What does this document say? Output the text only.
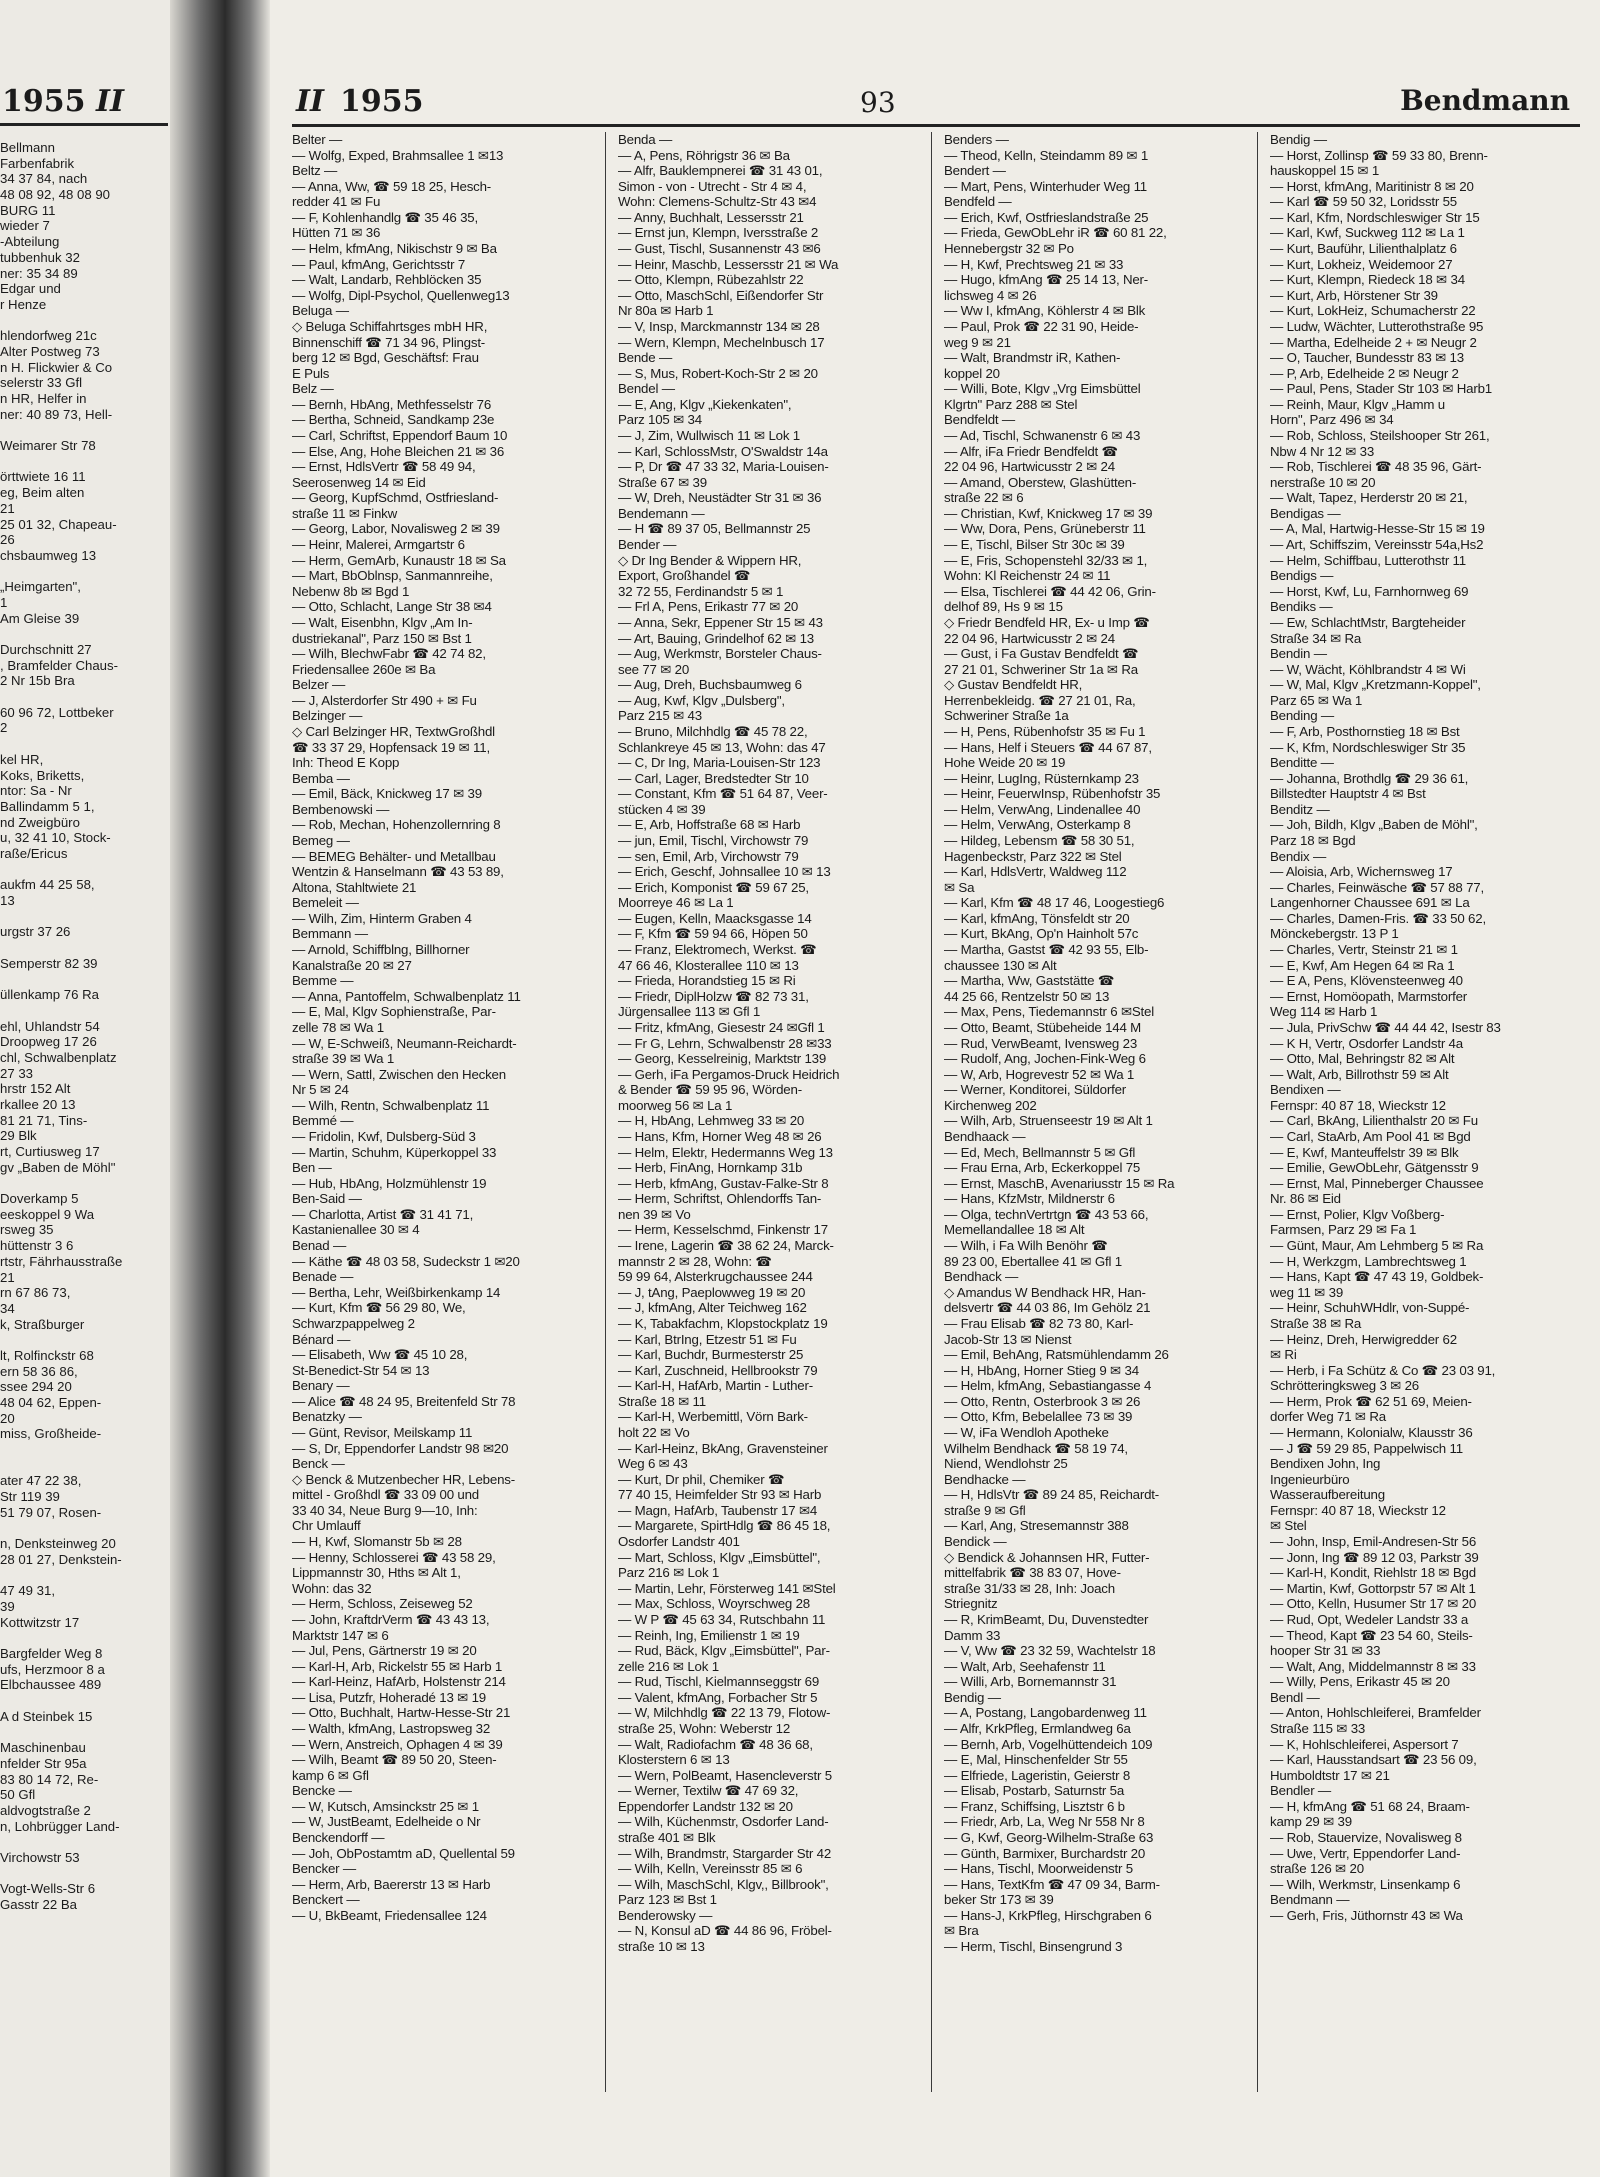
1955 II
Bellmann
Farbenfabrik
34 37 84, nach
48 08 92, 48 08 90
BURG 11
wieder 7
-Abteilung
tubbenhuk 32
ner: 35 34 89
Edgar und
r Henze
hlendorfweg 21c
Alter Postweg 73
n H. Flickwier & Co
selerstr 33 Gfl
n HR, Helfer in
ner: 40 89 73, Hell-
Weimarer Str 78
örttwiete 16 11
eg, Beim alten
21
25 01 32, Chapeau-
26
chsbaumweg 13
„Heimgarten",
1
Am Gleise 39
Durchschnitt 27
, Bramfelder Chaus-
2 Nr 15b Bra
60 96 72, Lottbeker
2
kel HR,
Koks, Briketts,
ntor: Sa - Nr
Ballindamm 5 1,
nd Zweigbüro
u, 32 41 10, Stock-
raße/Ericus
aukfm 44 25 58,
13
urgstr 37 26
Semperstr 82 39
üllenkamp 76 Ra
ehl, Uhlandstr 54
Droopweg 17 26
chl, Schwalbenplatz
27 33
hrstr 152 Alt
rkallee 20 13
81 21 71, Tins-
29 Blk
rt, Curtiusweg 17
gv „Baben de Möhl"
Doverkamp 5
eeskoppel 9 Wa
rsweg 35
hüttenstr 3 6
rtstr, Fährhausstraße
21
rn 67 86 73,
34
k, Straßburger
lt, Rolfinckstr 68
ern 58 36 86,
ssee 294 20
48 04 62, Eppen-
20
miss, Großheide-
ater 47 22 38,
Str 119 39
51 79 07, Rosen-
n, Denksteinweg 20
28 01 27, Denkstein-
47 49 31,
39
Kottwitzstr 17
Bargfelder Weg 8
ufs, Herzmoor 8 a
Elbchaussee 489
A d Steinbek 15
Maschinenbau
nfelder Str 95a
83 80 14 72, Re-
50 Gfl
aldvogtstraße 2
n, Lohbrügger Land-
Virchowstr 53
Vogt-Wells-Str 6
Gasstr 22 Ba
II 1955	93	Bendmann
Belter —
— Wolfg, Exped, Brahmsallee 1 ✉13
Beltz —
— Anna, Ww, ☎ 59 18 25, Hesch-
redder 41 ✉ Fu
— F, Kohlenhandlg ☎ 35 46 35,
Hütten 71 ✉ 36
— Helm, kfmAng, Nikischstr 9 ✉ Ba
— Paul, kfmAng, Gerichtsstr 7
— Walt, Landarb, Rehblöcken 35
— Wolfg, Dipl-Psychol, Quellenweg13
Beluga —
◇ Beluga Schiffahrtsges mbH HR,
Binnenschiff ☎ 71 34 96, Plingst-
berg 12 ✉ Bgd, Geschäftsf: Frau
E Puls
Belz —
— Bernh, HbAng, Methfesselstr 76
— Bertha, Schneid, Sandkamp 23e
— Carl, Schriftst, Eppendorf Baum 10
— Else, Ang, Hohe Bleichen 21 ✉ 36
— Ernst, HdlsVertr ☎ 58 49 94,
Seerosenweg 14 ✉ Eid
— Georg, KupfSchmd, Ostfriesland-
straße 11 ✉ Finkw
— Georg, Labor, Novalisweg 2 ✉ 39
— Heinr, Malerei, Armgartstr 6
— Herm, GemArb, Kunaustr 18 ✉ Sa
— Mart, BbOblnsp, Sanmannreihe,
Nebenw 8b ✉ Bgd 1
— Otto, Schlacht, Lange Str 38 ✉4
— Walt, Eisenbhn, Klgv „Am In-
dustriekanal", Parz 150 ✉ Bst 1
— Wilh, BlechwFabr ☎ 42 74 82,
Friedensallee 260e ✉ Ba
Belzer —
— J, Alsterdorfer Str 490 + ✉ Fu
Belzinger —
◇ Carl Belzinger HR, TextwGroßhdl
☎ 33 37 29, Hopfensack 19 ✉ 11,
Inh: Theod E Kopp
Bemba —
— Emil, Bäck, Knickweg 17 ✉ 39
Bembenowski —
— Rob, Mechan, Hohenzollernring 8
Bemeg —
— BEMEG Behälter- und Metallbau
Wentzin & Hanselmann ☎ 43 53 89,
Altona, Stahltwiete 21
Bemeleit —
— Wilh, Zim, Hinterm Graben 4
Bemmann —
— Arnold, Schiffblng, Billhorner
Kanalstraße 20 ✉ 27
Bemme —
— Anna, Pantoffelm, Schwalbenplatz 11
— E, Mal, Klgv Sophienstraße, Par-
zelle 78 ✉ Wa 1
— W, E-Schweiß, Neumann-Reichardt-
straße 39 ✉ Wa 1
— Wern, Sattl, Zwischen den Hecken
Nr 5 ✉ 24
— Wilh, Rentn, Schwalbenplatz 11
Bemmé —
— Fridolin, Kwf, Dulsberg-Süd 3
— Martin, Schuhm, Küperkoppel 33
Ben —
— Hub, HbAng, Holzmühlenstr 19
Ben-Said —
— Charlotta, Artist ☎ 31 41 71,
Kastanienallee 30 ✉ 4
Benad —
— Käthe ☎ 48 03 58, Sudeckstr 1 ✉20
Benade —
— Bertha, Lehr, Weißbirkenkamp 14
— Kurt, Kfm ☎ 56 29 80, We,
Schwarzpappelweg 2
Bénard —
— Elisabeth, Ww ☎ 45 10 28,
St-Benedict-Str 54 ✉ 13
Benary —
— Alice ☎ 48 24 95, Breitenfeld Str 78
Benatzky —
— Günt, Revisor, Meilskamp 11
— S, Dr, Eppendorfer Landstr 98 ✉20
Benck —
◇ Benck & Mutzenbecher HR, Lebens-
mittel - Großhdl ☎ 33 09 00 und
33 40 34, Neue Burg 9—10, Inh:
Chr Umlauff
— H, Kwf, Slomanstr 5b ✉ 28
— Henny, Schlosserei ☎ 43 58 29,
Lippmannstr 30, Hths ✉ Alt 1,
Wohn: das 32
— Herm, Schloss, Zeiseweg 52
— John, KraftdrVerm ☎ 43 43 13,
Marktstr 147 ✉ 6
— Jul, Pens, Gärtnerstr 19 ✉ 20
— Karl-H, Arb, Rickelstr 55 ✉ Harb 1
— Karl-Heinz, HafArb, Holstenstr 214
— Lisa, Putzfr, Hoheradé 13 ✉ 19
— Otto, Buchhalt, Hartw-Hesse-Str 21
— Walth, kfmAng, Lastropsweg 32
— Wern, Anstreich, Ophagen 4 ✉ 39
— Wilh, Beamt ☎ 89 50 20, Steen-
kamp 6 ✉ Gfl
Bencke —
— W, Kutsch, Amsinckstr 25 ✉ 1
— W, JustBeamt, Edelheide o Nr
Benckendorff —
— Joh, ObPostamtm aD, Quellental 59
Bencker —
— Herm, Arb, Baererstr 13 ✉ Harb
Benckert —
— U, BkBeamt, Friedensallee 124
Benda —
— A, Pens, Röhrigstr 36 ✉ Ba
— Alfr, Bauklempnerei ☎ 31 43 01,
Simon - von - Utrecht - Str 4 ✉ 4,
Wohn: Clemens-Schultz-Str 43 ✉4
— Anny, Buchhalt, Lessersstr 21
— Ernst jun, Klempn, Iversstraße 2
— Gust, Tischl, Susannenstr 43 ✉6
— Heinr, Maschb, Lessersstr 21 ✉ Wa
— Otto, Klempn, Rübezahlstr 22
— Otto, MaschSchl, Eißendorfer Str
Nr 80a ✉ Harb 1
— V, Insp, Marckmannstr 134 ✉ 28
— Wern, Klempn, Mechelnbusch 17
Bende —
— S, Mus, Robert-Koch-Str 2 ✉ 20
Bendel —
— E, Ang, Klgv „Kiekenkaten",
Parz 105 ✉ 34
— J, Zim, Wullwisch 11 ✉ Lok 1
— Karl, SchlossMstr, O'Swaldstr 14a
— P, Dr ☎ 47 33 32, Maria-Louisen-
Straße 67 ✉ 39
— W, Dreh, Neustädter Str 31 ✉ 36
Bendemann —
— H ☎ 89 37 05, Bellmannstr 25
Bender —
◇ Dr Ing Bender & Wippern HR,
Export, Großhandel ☎
32 72 55, Ferdinandstr 5 ✉ 1
— Frl A, Pens, Erikastr 77 ✉ 20
— Anna, Sekr, Eppener Str 15 ✉ 43
— Art, Bauing, Grindelhof 62 ✉ 13
— Aug, Werkmstr, Borsteler Chaus-
see 77 ✉ 20
— Aug, Dreh, Buchsbaumweg 6
— Aug, Kwf, Klgv „Dulsberg",
Parz 215 ✉ 43
— Bruno, Milchhdlg ☎ 45 78 22,
Schlankreye 45 ✉ 13, Wohn: das 47
— C, Dr Ing, Maria-Louisen-Str 123
— Carl, Lager, Bredstedter Str 10
— Constant, Kfm ☎ 51 64 87, Veer-
stücken 4 ✉ 39
— E, Arb, Hoffstraße 68 ✉ Harb
— jun, Emil, Tischl, Virchowstr 79
— sen, Emil, Arb, Virchowstr 79
— Erich, Geschf, Johnsallee 10 ✉ 13
— Erich, Komponist ☎ 59 67 25,
Moorreye 46 ✉ La 1
— Eugen, Kelln, Maacksgasse 14
— F, Kfm ☎ 59 94 66, Höpen 50
— Franz, Elektromech, Werkst. ☎
47 66 46, Klosterallee 110 ✉ 13
— Frieda, Horandstieg 15 ✉ Ri
— Friedr, DiplHolzw ☎ 82 73 31,
Jürgensallee 113 ✉ Gfl 1
— Fritz, kfmAng, Giesestr 24 ✉Gfl 1
— Fr G, Lehrn, Schwalbenstr 28 ✉33
— Georg, Kesselreinig, Marktstr 139
— Gerh, iFa Pergamos-Druck Heidrich
& Bender ☎ 59 95 96, Wörden-
moorweg 56 ✉ La 1
— H, HbAng, Lehmweg 33 ✉ 20
— Hans, Kfm, Horner Weg 48 ✉ 26
— Helm, Elektr, Hedermanns Weg 13
— Herb, FinAng, Hornkamp 31b
— Herb, kfmAng, Gustav-Falke-Str 8
— Herm, Schriftst, Ohlendorffs Tan-
nen 39 ✉ Vo
— Herm, Kesselschmd, Finkenstr 17
— Irene, Lagerin ☎ 38 62 24, Marck-
mannstr 2 ✉ 28, Wohn: ☎
59 99 64, Alsterkrugchaussee 244
— J, tAng, Paeplowweg 19 ✉ 20
— J, kfmAng, Alter Teichweg 162
— K, Tabakfachm, Klopstockplatz 19
— Karl, BtrIng, Etzestr 51 ✉ Fu
— Karl, Buchdr, Burmesterstr 25
— Karl, Zuschneid, Hellbrookstr 79
— Karl-H, HafArb, Martin - Luther-
Straße 18 ✉ 11
— Karl-H, Werbemittl, Vörn Bark-
holt 22 ✉ Vo
— Karl-Heinz, BkAng, Gravensteiner
Weg 6 ✉ 43
— Kurt, Dr phil, Chemiker ☎
77 40 15, Heimfelder Str 93 ✉ Harb
— Magn, HafArb, Taubenstr 17 ✉4
— Margarete, SpirtHdlg ☎ 86 45 18,
Osdorfer Landstr 401
— Mart, Schloss, Klgv „Eimsbüttel",
Parz 216 ✉ Lok 1
— Martin, Lehr, Försterweg 141 ✉Stel
— Max, Schloss, Woyrschweg 28
— W P ☎ 45 63 34, Rutschbahn 11
— Reinh, Ing, Emilienstr 1 ✉ 19
— Rud, Bäck, Klgv „Eimsbüttel", Par-
zelle 216 ✉ Lok 1
— Rud, Tischl, Kielmannseggstr 69
— Valent, kfmAng, Forbacher Str 5
— W, Milchhdlg ☎ 22 13 79, Flotow-
straße 25, Wohn: Weberstr 12
— Walt, Radiofachm ☎ 48 36 68,
Klosterstern 6 ✉ 13
— Wern, PolBeamt, Hasencleverstr 5
— Werner, Textilw ☎ 47 69 32,
Eppendorfer Landstr 132 ✉ 20
— Wilh, Küchenmstr, Osdorfer Land-
straße 401 ✉ Blk
— Wilh, Brandmstr, Stargarder Str 42
— Wilh, Kelln, Vereinsstr 85 ✉ 6
— Wilh, MaschSchl, Klgv,, Billbrook",
Parz 123 ✉ Bst 1
Benderowsky —
— N, Konsul aD ☎ 44 86 96, Fröbel-
straße 10 ✉ 13
Benders —
— Theod, Kelln, Steindamm 89 ✉ 1
Bendert —
— Mart, Pens, Winterhuder Weg 11
Bendfeld —
— Erich, Kwf, Ostfrieslandstraße 25
— Frieda, GewObLehr iR ☎ 60 81 22,
Hennebergstr 32 ✉ Po
— H, Kwf, Prechtsweg 21 ✉ 33
— Hugo, kfmAng ☎ 25 14 13, Ner-
lichsweg 4 ✉ 26
— Ww I, kfmAng, Köhlerstr 4 ✉ Blk
— Paul, Prok ☎ 22 31 90, Heide-
weg 9 ✉ 21
— Walt, Brandmstr iR, Kathen-
koppel 20
— Willi, Bote, Klgv „Vrg Eimsbüttel
Klgrtn" Parz 288 ✉ Stel
Bendfeldt —
— Ad, Tischl, Schwanenstr 6 ✉ 43
— Alfr, iFa Friedr Bendfeldt ☎
22 04 96, Hartwicusstr 2 ✉ 24
— Amand, Oberstew, Glashütten-
straße 22 ✉ 6
— Christian, Kwf, Knickweg 17 ✉ 39
— Ww, Dora, Pens, Grüneberstr 11
— E, Tischl, Bilser Str 30c ✉ 39
— E, Fris, Schopenstehl 32/33 ✉ 1,
Wohn: Kl Reichenstr 24 ✉ 11
— Elsa, Tischlerei ☎ 44 42 06, Grin-
delhof 89, Hs 9 ✉ 15
◇ Friedr Bendfeld HR, Ex- u Imp ☎
22 04 96, Hartwicusstr 2 ✉ 24
— Gust, i Fa Gustav Bendfeldt ☎
27 21 01, Schweriner Str 1a ✉ Ra
◇ Gustav Bendfeldt HR,
Herrenbekleidg. ☎ 27 21 01, Ra,
Schweriner Straße 1a
— H, Pens, Rübenhofstr 35 ✉ Fu 1
— Hans, Helf i Steuers ☎ 44 67 87,
Hohe Weide 20 ✉ 19
— Heinr, LugIng, Rüsternkamp 23
— Heinr, FeuerwInsp, Rübenhofstr 35
— Helm, VerwAng, Lindenallee 40
— Helm, VerwAng, Osterkamp 8
— Hildeg, Lebensm ☎ 58 30 51,
Hagenbeckstr, Parz 322 ✉ Stel
— Karl, HdlsVertr, Waldweg 112
✉ Sa
— Karl, Kfm ☎ 48 17 46, Loogestieg6
— Karl, kfmAng, Tönsfeldt str 20
— Kurt, BkAng, Op'n Hainholt 57c
— Martha, Gastst ☎ 42 93 55, Elb-
chaussee 130 ✉ Alt
— Martha, Ww, Gaststätte ☎
44 25 66, Rentzelstr 50 ✉ 13
— Max, Pens, Tiedemannstr 6 ✉Stel
— Otto, Beamt, Stübeheide 144 M
— Rud, VerwBeamt, Ivensweg 23
— Rudolf, Ang, Jochen-Fink-Weg 6
— W, Arb, Hogrevestr 52 ✉ Wa 1
— Werner, Konditorei, Süldorfer
Kirchenweg 202
— Wilh, Arb, Struenseestr 19 ✉ Alt 1
Bendhaack —
— Ed, Mech, Bellmannstr 5 ✉ Gfl
— Frau Erna, Arb, Eckerkoppel 75
— Ernst, MaschB, Avenariusstr 15 ✉ Ra
— Hans, KfzMstr, Mildnerstr 6
— Olga, technVertrtgn ☎ 43 53 66,
Memellandallee 18 ✉ Alt
— Wilh, i Fa Wilh Benöhr ☎
89 23 00, Ebertallee 41 ✉ Gfl 1
Bendhack —
◇ Amandus W Bendhack HR, Han-
delsvertr ☎ 44 03 86, Im Gehölz 21
— Frau Elisab ☎ 82 73 80, Karl-
Jacob-Str 13 ✉ Nienst
— Emil, BehAng, Ratsmühlendamm 26
— H, HbAng, Horner Stieg 9 ✉ 34
— Helm, kfmAng, Sebastiangasse 4
— Otto, Rentn, Osterbrook 3 ✉ 26
— Otto, Kfm, Bebelallee 73 ✉ 39
— W, iFa Wendloh Apotheke
Wilhelm Bendhack ☎ 58 19 74,
Niend, Wendlohstr 25
Bendhacke —
— H, HdlsVtr ☎ 89 24 85, Reichardt-
straße 9 ✉ Gfl
— Karl, Ang, Stresemannstr 388
Bendick —
◇ Bendick & Johannsen HR, Futter-
mittelfabrik ☎ 38 83 07, Hove-
straße 31/33 ✉ 28, Inh: Joach
Striegnitz
— R, KrimBeamt, Du, Duvenstedter
Damm 33
— V, Ww ☎ 23 32 59, Wachtelstr 18
— Walt, Arb, Seehafenstr 11
— Willi, Arb, Bornemannstr 31
Bendig —
— A, Postang, Langobardenweg 11
— Alfr, KrkPfleg, Ermlandweg 6a
— Bernh, Arb, Vogelhüttendeich 109
— E, Mal, Hinschenfelder Str 55
— Elfriede, Lageristin, Geierstr 8
— Elisab, Postarb, Saturnstr 5a
— Franz, Schiffsing, Lisztstr 6 b
— Friedr, Arb, La, Weg Nr 558 Nr 8
— G, Kwf, Georg-Wilhelm-Straße 63
— Günth, Barmixer, Burchardstr 20
— Hans, Tischl, Moorweidenstr 5
— Hans, TextKfm ☎ 47 09 34, Barm-
beker Str 173 ✉ 39
— Hans-J, KrkPfleg, Hirschgraben 6
✉ Bra
— Herm, Tischl, Binsengrund 3
Bendig —
— Horst, Zollinsp ☎ 59 33 80, Brenn-
hauskoppel 15 ✉ 1
— Horst, kfmAng, Maritinistr 8 ✉ 20
— Karl ☎ 59 50 32, Loridsstr 55
— Karl, Kfm, Nordschleswiger Str 15
— Karl, Kwf, Suckweg 112 ✉ La 1
— Kurt, Bauführ, Lilienthalplatz 6
— Kurt, Lokheiz, Weidemoor 27
— Kurt, Klempn, Riedeck 18 ✉ 34
— Kurt, Arb, Hörstener Str 39
— Kurt, LokHeiz, Schumacherstr 22
— Ludw, Wächter, Lutterothstraße 95
— Martha, Edelheide 2 + ✉ Neugr 2
— O, Taucher, Bundesstr 83 ✉ 13
— P, Arb, Edelheide 2 ✉ Neugr 2
— Paul, Pens, Stader Str 103 ✉ Harb1
— Reinh, Maur, Klgv „Hamm u
Horn", Parz 496 ✉ 34
— Rob, Schloss, Steilshooper Str 261,
Nbw 4 Nr 12 ✉ 33
— Rob, Tischlerei ☎ 48 35 96, Gärt-
nerstraße 10 ✉ 20
— Walt, Tapez, Herderstr 20 ✉ 21,
Bendigas —
— A, Mal, Hartwig-Hesse-Str 15 ✉ 19
— Art, Schiffszim, Vereinsstr 54a,Hs2
— Helm, Schiffbau, Lutterothstr 11
Bendigs —
— Horst, Kwf, Lu, Farnhornweg 69
Bendiks —
— Ew, SchlachtMstr, Bargteheider
Straße 34 ✉ Ra
Bendin —
— W, Wächt, Köhlbrandstr 4 ✉ Wi
— W, Mal, Klgv „Kretzmann-Koppel",
Parz 65 ✉ Wa 1
Bending —
— F, Arb, Posthornstieg 18 ✉ Bst
— K, Kfm, Nordschleswiger Str 35
Benditte —
— Johanna, Brothdlg ☎ 29 36 61,
Billstedter Hauptstr 4 ✉ Bst
Benditz —
— Joh, Bildh, Klgv „Baben de Möhl",
Parz 18 ✉ Bgd
Bendix —
— Aloisia, Arb, Wichernsweg 17
— Charles, Feinwäsche ☎ 57 88 77,
Langenhorner Chaussee 691 ✉ La
— Charles, Damen-Fris. ☎ 33 50 62,
Mönckebergstr. 13 P 1
— Charles, Vertr, Steinstr 21 ✉ 1
— E, Kwf, Am Hegen 64 ✉ Ra 1
— E A, Pens, Klövensteenweg 40
— Ernst, Homöopath, Marmstorfer
Weg 114 ✉ Harb 1
— Jula, PrivSchw ☎ 44 44 42, Isestr 83
— K H, Vertr, Osdorfer Landstr 4a
— Otto, Mal, Behringstr 82 ✉ Alt
— Walt, Arb, Billrothstr 59 ✉ Alt
Bendixen —
Fernspr: 40 87 18, Wieckstr 12
— Carl, BkAng, Lilienthalstr 20 ✉ Fu
— Carl, StaArb, Am Pool 41 ✉ Bgd
— E, Kwf, Manteuffelstr 39 ✉ Blk
— Emilie, GewObLehr, Gätgensstr 9
— Ernst, Mal, Pinneberger Chaussee
Nr. 86 ✉ Eid
— Ernst, Polier, Klgv Voßberg-
Farmsen, Parz 29 ✉ Fa 1
— Günt, Maur, Am Lehmberg 5 ✉ Ra
— H, Werkzgm, Lambrechtsweg 1
— Hans, Kapt ☎ 47 43 19, Goldbek-
weg 11 ✉ 39
— Heinr, SchuhWHdlr, von-Suppé-
Straße 38 ✉ Ra
— Heinz, Dreh, Herwigredder 62
✉ Ri
— Herb, i Fa Schütz & Co ☎ 23 03 91,
Schrötteringksweg 3 ✉ 26
— Herm, Prok ☎ 62 51 69, Meien-
dorfer Weg 71 ✉ Ra
— Hermann, Kolonialw, Klausstr 36
— J ☎ 59 29 85, Pappelwisch 11
Bendixen John, Ing
Ingenieurbüro
Wasseraufbereitung
Fernspr: 40 87 18, Wieckstr 12
✉ Stel
— John, Insp, Emil-Andresen-Str 56
— Jonn, Ing ☎ 89 12 03, Parkstr 39
— Karl-H, Kondit, Riehlstr 18 ✉ Bgd
— Martin, Kwf, Gottorpstr 57 ✉ Alt 1
— Otto, Kelln, Husumer Str 17 ✉ 20
— Rud, Opt, Wedeler Landstr 33 a
— Theod, Kapt ☎ 23 54 60, Steils-
hooper Str 31 ✉ 33
— Walt, Ang, Middelmannstr 8 ✉ 33
— Willy, Pens, Erikastr 45 ✉ 20
Bendl —
— Anton, Hohlschleiferei, Bramfelder
Straße 115 ✉ 33
— K, Hohlschleiferei, Aspersort 7
— Karl, Hausstandsart ☎ 23 56 09,
Humboldtstr 17 ✉ 21
Bendler —
— H, kfmAng ☎ 51 68 24, Braam-
kamp 29 ✉ 39
— Rob, Stauervize, Novalisweg 8
— Uwe, Vertr, Eppendorfer Land-
straße 126 ✉ 20
— Wilh, Werkmstr, Linsenkamp 6
Bendmann —
— Gerh, Fris, Jüthornstr 43 ✉ Wa
